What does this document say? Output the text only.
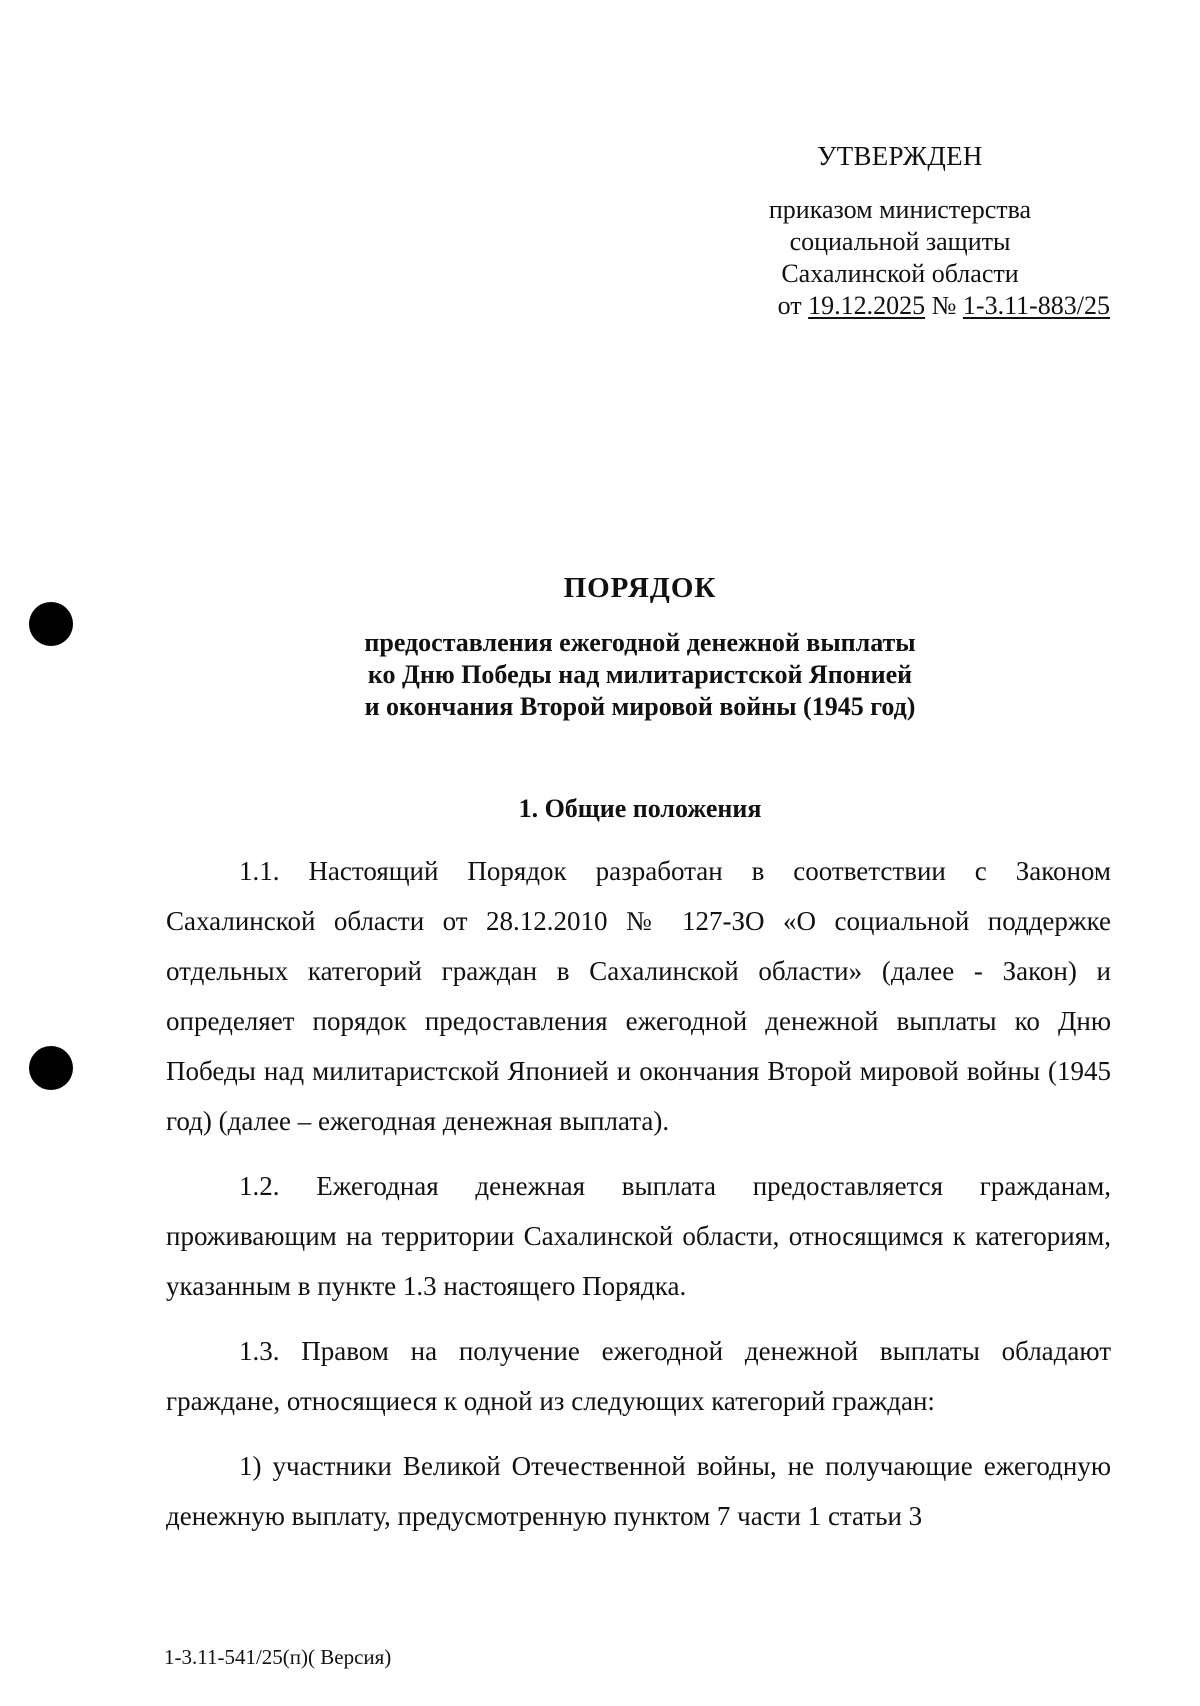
УТВЕРЖДЕН
приказом министерства
социальной защиты
Сахалинской области
от 19.12.2025 № 1-3.11-883/25
ПОРЯДОК
предоставления ежегодной денежной выплаты
ко Дню Победы над милитаристской Японией
и окончания Второй мировой войны (1945 год)
1. Общие положения

1.1. Настоящий Порядок разработан в соответствии с Законом Сахалинской области от 28.12.2010 № 127-ЗО «О социальной поддержке отдельных категорий граждан в Сахалинской области» (далее - Закон) и определяет порядок предоставления ежегодной денежной выплаты ко Дню Победы над милитаристской Японией и окончания Второй мировой войны (1945 год) (далее – ежегодная денежная выплата).

1.2. Ежегодная денежная выплата предоставляется гражданам, проживающим на территории Сахалинской области, относящимся к категориям, указанным в пункте 1.3 настоящего Порядка.

1.3. Правом на получение ежегодной денежной выплаты обладают граждане, относящиеся к одной из следующих категорий граждан:

1) участники Великой Отечественной войны, не получающие ежегодную денежную выплату, предусмотренную пунктом 7 части 1 статьи 3

1-3.11-541/25(п)( Версия)
